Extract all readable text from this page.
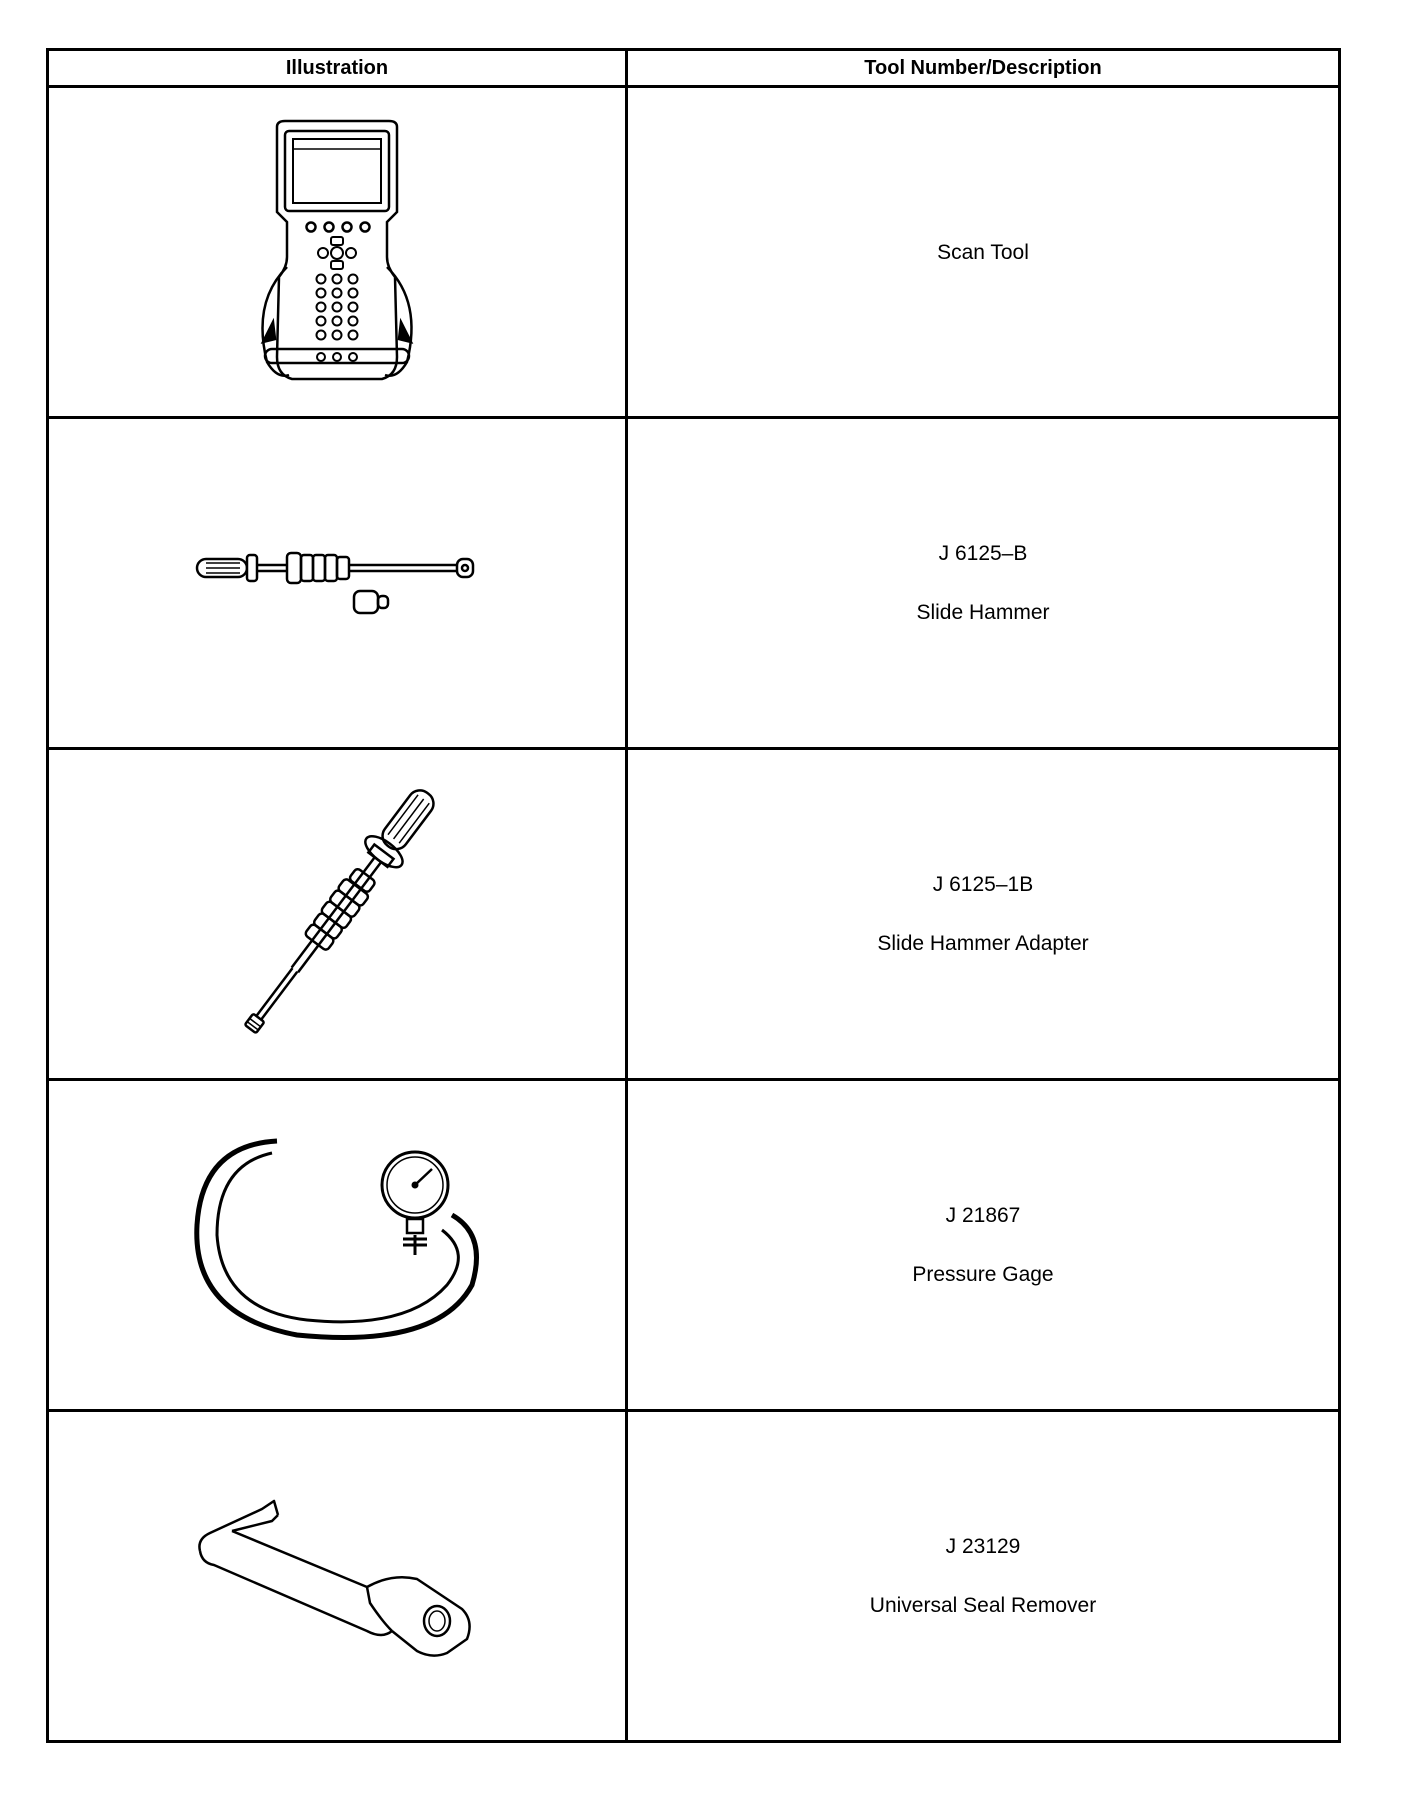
Illustration	Tool Number/Description

Scan Tool

J 6125–B
Slide Hammer

J 6125–1B
Slide Hammer Adapter

J 21867
Pressure Gage

J 23129
Universal Seal Remover
